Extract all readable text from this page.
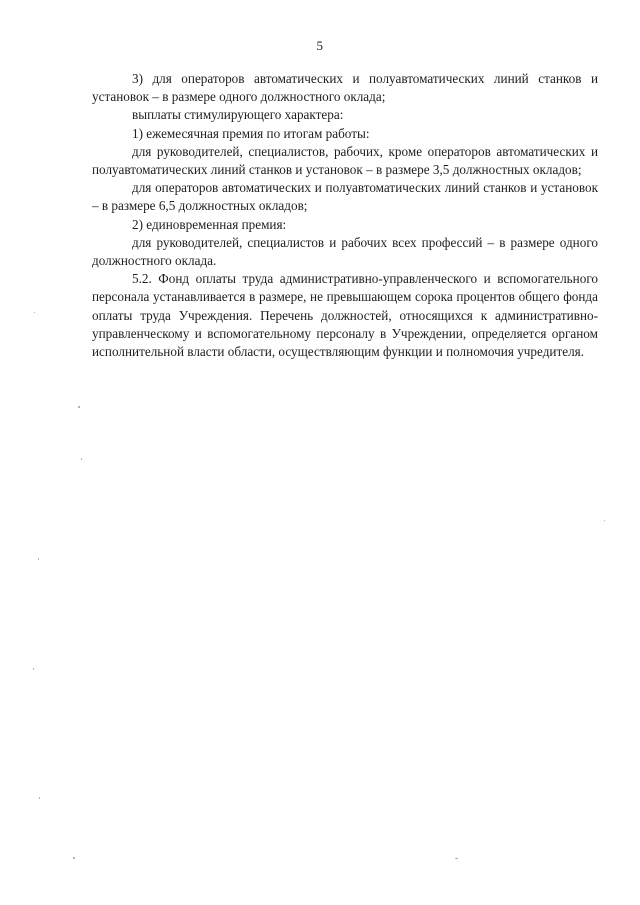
5

3) для операторов автоматических и полуавтоматических линий станков и установок – в размере одного должностного оклада;

выплаты стимулирующего характера:

1) ежемесячная премия по итогам работы:

для руководителей, специалистов, рабочих, кроме операторов автоматических и полуавтоматических линий станков и установок – в размере 3,5 должностных окладов;

для операторов автоматических и полуавтоматических линий станков и установок – в размере 6,5 должностных окладов;

2) единовременная премия:

для руководителей, специалистов и рабочих всех профессий – в размере одного должностного оклада.

5.2. Фонд оплаты труда административно-управленческого и вспомогательного персонала устанавливается в размере, не превышающем сорока процентов общего фонда оплаты труда Учреждения. Перечень должностей, относящихся к административно-управленческому и вспомогательному персоналу в Учреждении, определяется органом исполнительной власти области, осуществляющим функции и полномочия учредителя.
